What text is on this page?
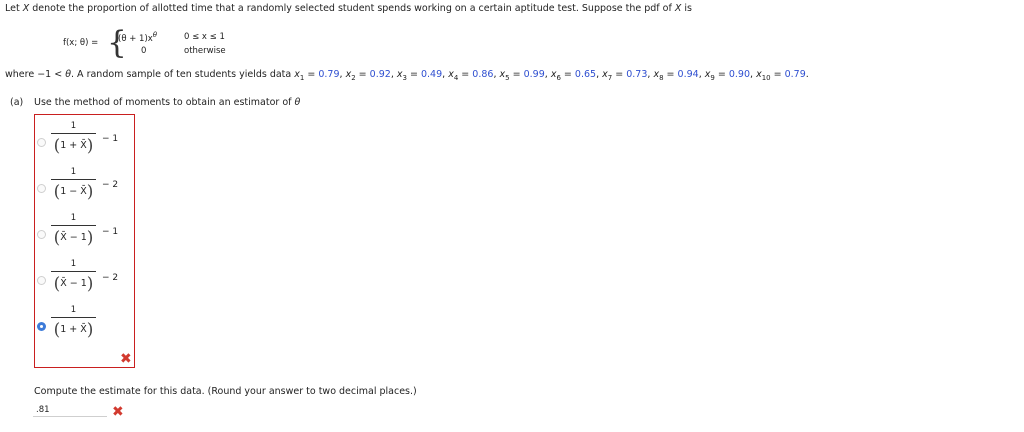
Let X denote the proportion of allotted time that a randomly selected student spends working on a certain aptitude test. Suppose the pdf of X is
f(x; θ) = {
$(\theta + 1)x^\theta$	0 ≤ x ≤ 1
0	otherwise
where −1 < θ. A random sample of ten students yields data $x_1 = 0.79$, $x_2 = 0.92$, $x_3 = 0.49$, $x_4 = 0.86$, $x_5 = 0.99$, $x_6 = 0.65$, $x_7 = 0.73$, $x_8 = 0.94$, $x_9 = 0.90$, $x_{10} = 0.79$.
(a) Use the method of moments to obtain an estimator of θ
1
(1 + X̄) − 1
1
(1 − X̄) − 2
1
(X̄ − 1) − 1
1
(X̄ − 1) − 2
1
(1 + X̄)
✖
Compute the estimate for this data. (Round your answer to two decimal places.)
.81	✖
